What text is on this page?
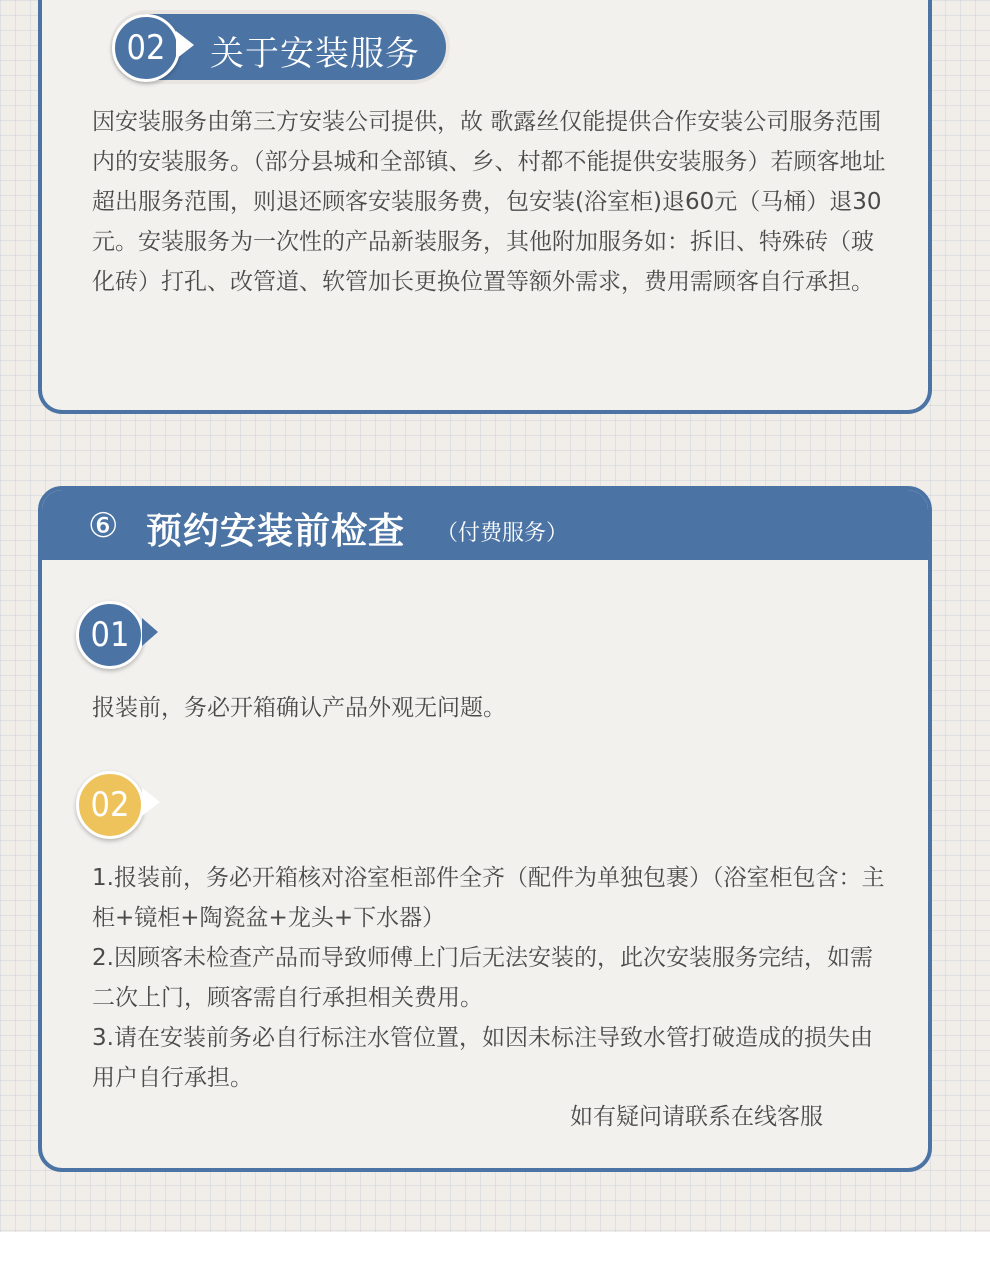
关于安装服务
02

因安装服务由第三方安装公司提供，故 歌露丝仅能提供合作安装公司服务范围内的安装服务。（部分县城和全部镇、乡、村都不能提供安装服务）若顾客地址超出服务范围，则退还顾客安装服务费，包安装(浴室柜)退60元（马桶）退30元。安装服务为一次性的产品新装服务，其他附加服务如：拆旧、特殊砖（玻化砖）打孔、改管道、软管加长更换位置等额外需求，费用需顾客自行承担。

⑥ 预约安装前检查 （付费服务）
01

报装前，务必开箱确认产品外观无问题。

02

1.报装前，务必开箱核对浴室柜部件全齐（配件为单独包裹）（浴室柜包含：主柜+镜柜+陶瓷盆+龙头+下水器）

2.因顾客未检查产品而导致师傅上门后无法安装的，此次安装服务完结，如需二次上门，顾客需自行承担相关费用。

3.请在安装前务必自行标注水管位置，如因未标注导致水管打破造成的损失由用户自行承担。

如有疑问请联系在线客服
